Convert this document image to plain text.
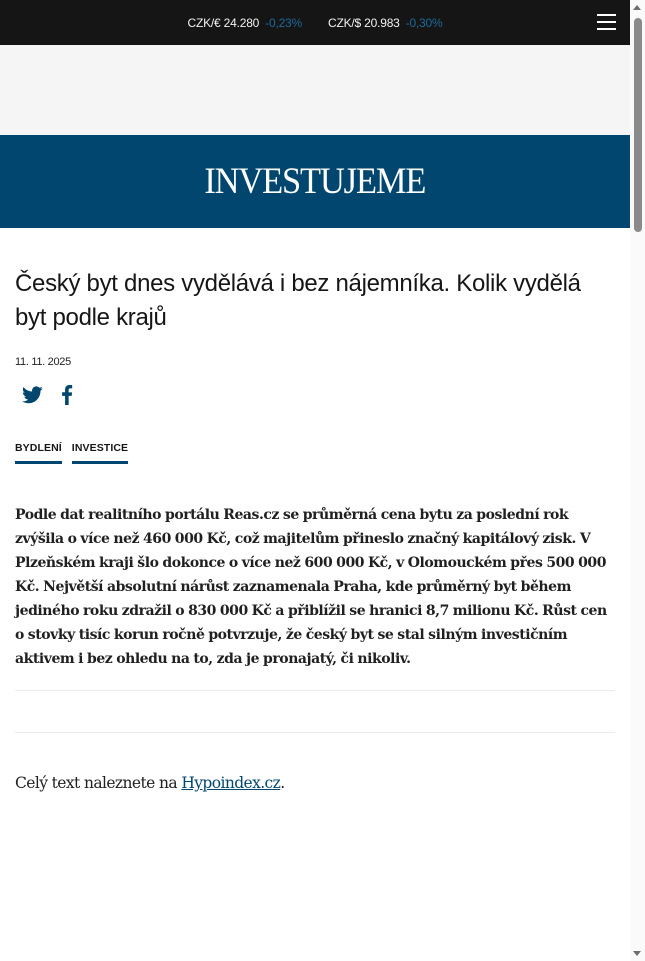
CZK/€ 24.280 -0,23% CZK/$ 20.983 -0,30%
INVESTUJEME
Český byt dnes vydělává i bez nájemníka. Kolik vydělá byt podle krajů
11. 11. 2025
BYDLENÍ INVESTICE

Podle dat realitního portálu Reas.cz se průměrná cena bytu za poslední rok zvýšila o více než 460 000 Kč, což majitelům přineslo značný kapitálový zisk. V Plzeňském kraji šlo dokonce o více než 600 000 Kč, v Olomouckém přes 500 000 Kč. Největší absolutní nárůst zaznamenala Praha, kde průměrný byt během jediného roku zdražil o 830 000 Kč a přiblížil se hranici 8,7 milionu Kč. Růst cen o stovky tisíc korun ročně potvrzuje, že český byt se stal silným investičním aktivem i bez ohledu na to, zda je pronajatý, či nikoliv.

Celý text naleznete na Hypoindex.cz.
